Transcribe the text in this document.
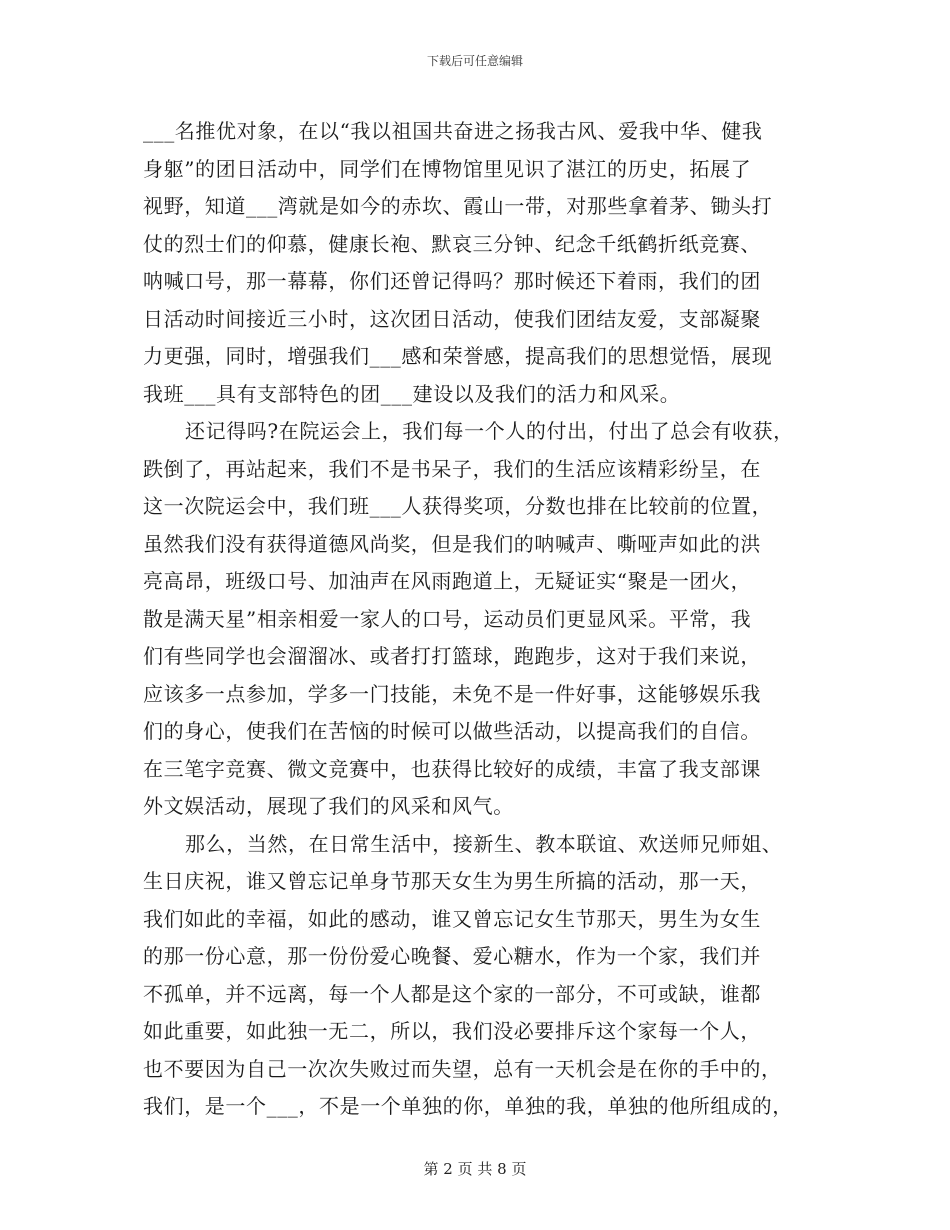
下载后可任意编辑
___名推优对象，在以“我以祖国共奋进之扬我古风、爱我中华、健我
身躯”的团日活动中，同学们在博物馆里见识了湛江的历史，拓展了
视野，知道___湾就是如今的赤坎、霞山一带，对那些拿着茅、锄头打
仗的烈士们的仰慕，健康长袍、默哀三分钟、纪念千纸鹤折纸竞赛、
呐喊口号，那一幕幕，你们还曾记得吗？那时候还下着雨，我们的团
日活动时间接近三小时，这次团日活动，使我们团结友爱，支部凝聚
力更强，同时，增强我们___感和荣誉感，提高我们的思想觉悟，展现
我班___具有支部特色的团___建设以及我们的活力和风采。
还记得吗?在院运会上，我们每一个人的付出，付出了总会有收获，
跌倒了，再站起来，我们不是书呆子，我们的生活应该精彩纷呈，在
这一次院运会中，我们班___人获得奖项，分数也排在比较前的位置，
虽然我们没有获得道德风尚奖，但是我们的呐喊声、嘶哑声如此的洪
亮高昂，班级口号、加油声在风雨跑道上，无疑证实“聚是一团火，
散是满天星”相亲相爱一家人的口号，运动员们更显风采。平常，我
们有些同学也会溜溜冰、或者打打篮球，跑跑步，这对于我们来说，
应该多一点参加，学多一门技能，未免不是一件好事，这能够娱乐我
们的身心，使我们在苦恼的时候可以做些活动，以提高我们的自信。
在三笔字竞赛、微文竞赛中，也获得比较好的成绩，丰富了我支部课
外文娱活动，展现了我们的风采和风气。
那么，当然，在日常生活中，接新生、教本联谊、欢送师兄师姐、
生日庆祝，谁又曾忘记单身节那天女生为男生所搞的活动，那一天，
我们如此的幸福，如此的感动，谁又曾忘记女生节那天，男生为女生
的那一份心意，那一份份爱心晚餐、爱心糖水，作为一个家，我们并
不孤单，并不远离，每一个人都是这个家的一部分，不可或缺，谁都
如此重要，如此独一无二，所以，我们没必要排斥这个家每一个人，
也不要因为自己一次次失败过而失望，总有一天机会是在你的手中的，
我们，是一个___，不是一个单独的你，单独的我，单独的他所组成的，
第 2 页 共 8 页
